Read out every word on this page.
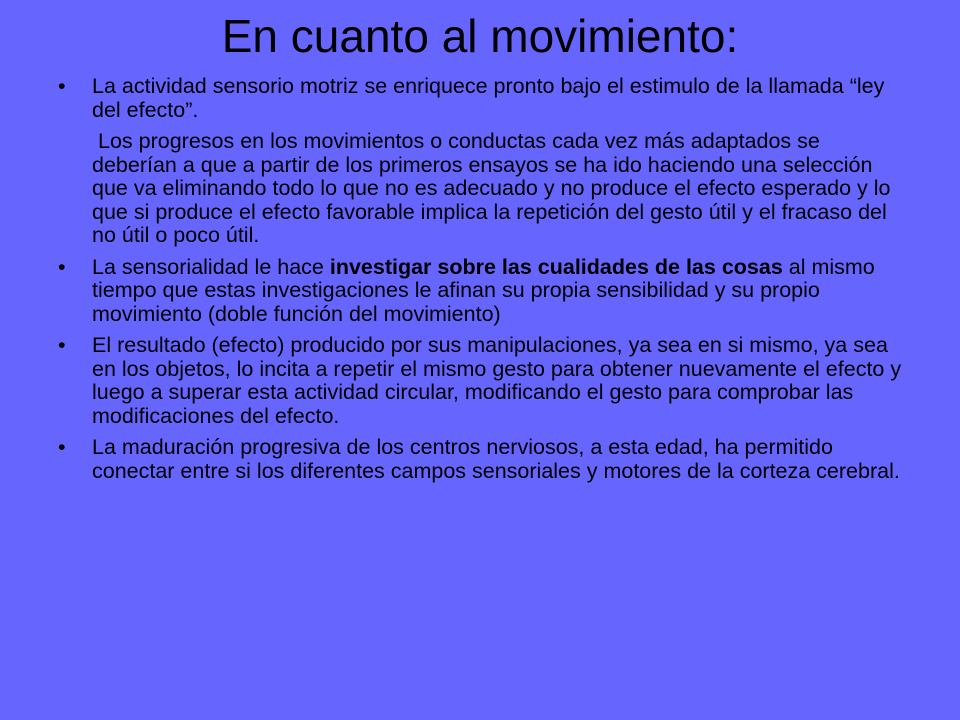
En cuanto al movimiento:
• La actividad sensorio motriz se enriquece pronto bajo el estimulo de la llamada “ley del efecto”.

Los progresos en los movimientos o conductas cada vez más adaptados se deberían a que a partir de los primeros ensayos se ha ido haciendo una selección que va eliminando todo lo que no es adecuado y no produce el efecto esperado y lo que si produce el efecto favorable implica la repetición del gesto útil y el fracaso del no útil o poco útil.

• La sensorialidad le hace investigar sobre las cualidades de las cosas al mismo tiempo que estas investigaciones le afinan su propia sensibilidad y su propio movimiento (doble función del movimiento)

• El resultado (efecto) producido por sus manipulaciones, ya sea en si mismo, ya sea en los objetos, lo incita a repetir el mismo gesto para obtener nuevamente el efecto y luego a superar esta actividad circular, modificando el gesto para comprobar las modificaciones del efecto.

• La maduración progresiva de los centros nerviosos, a esta edad, ha permitido conectar entre si los diferentes campos sensoriales y motores de la corteza cerebral.
